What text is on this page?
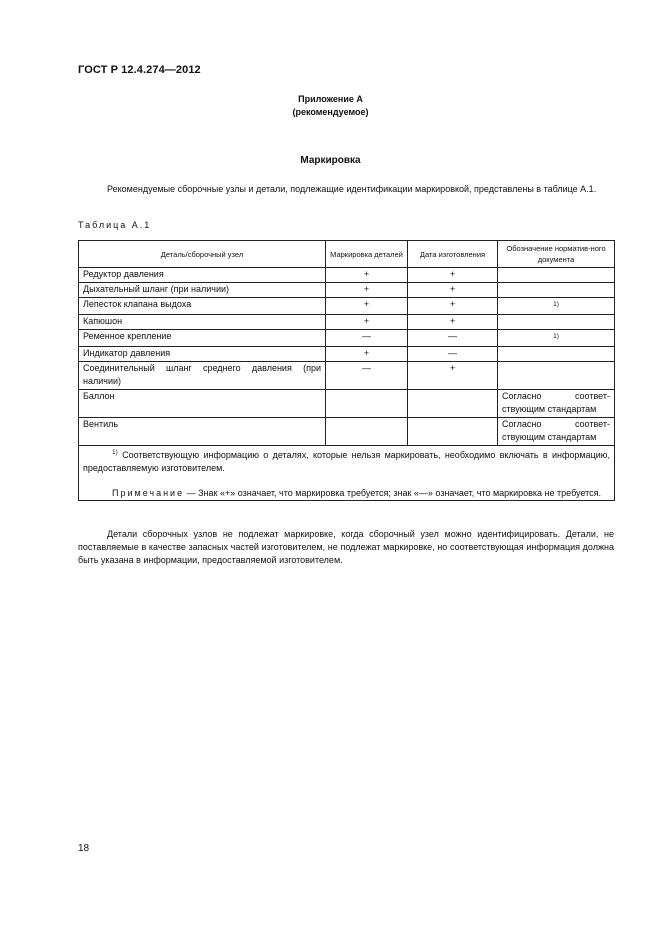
ГОСТ Р 12.4.274—2012
Приложение А
(рекомендуемое)
Маркировка

Рекомендуемые сборочные узлы и детали, подлежащие идентификации маркировкой, представлены в таблице А.1.

Таблица А.1
Деталь/сборочный узел	Маркировка деталей	Дата изготовления	Обозначение норматив-ного документа
Редуктор давления	+	+	
Дыхательный шланг (при наличии)	+	+	
Лепесток клапана выдоха	+	+	$^{1)}$
Капюшон	+	+	
Ременное крепление	—	—	$^{1)}$
Индикатор давления	+	—	
Соединительный шланг среднего давления (при наличии)	—	+	
Баллон			Согласно соответ-
ствующим стандартам

Вентиль			Согласно соответ-
ствующим стандартам

$^{1)}$ Соответствующую информацию о деталях, которые нельзя маркировать, необходимо включать в информацию, предоставляемую изготовителем.

Примечание — Знак «+» означает, что маркировка требуется; знак «—» означает, что маркировка не требуется.			

Детали сборочных узлов не подлежат маркировке, когда сборочный узел можно идентифицировать. Детали, не поставляемые в качестве запасных частей изготовителем, не подлежат маркировке, но соответствующая информация должна быть указана в информации, предоставляемой изготовителем.

18
